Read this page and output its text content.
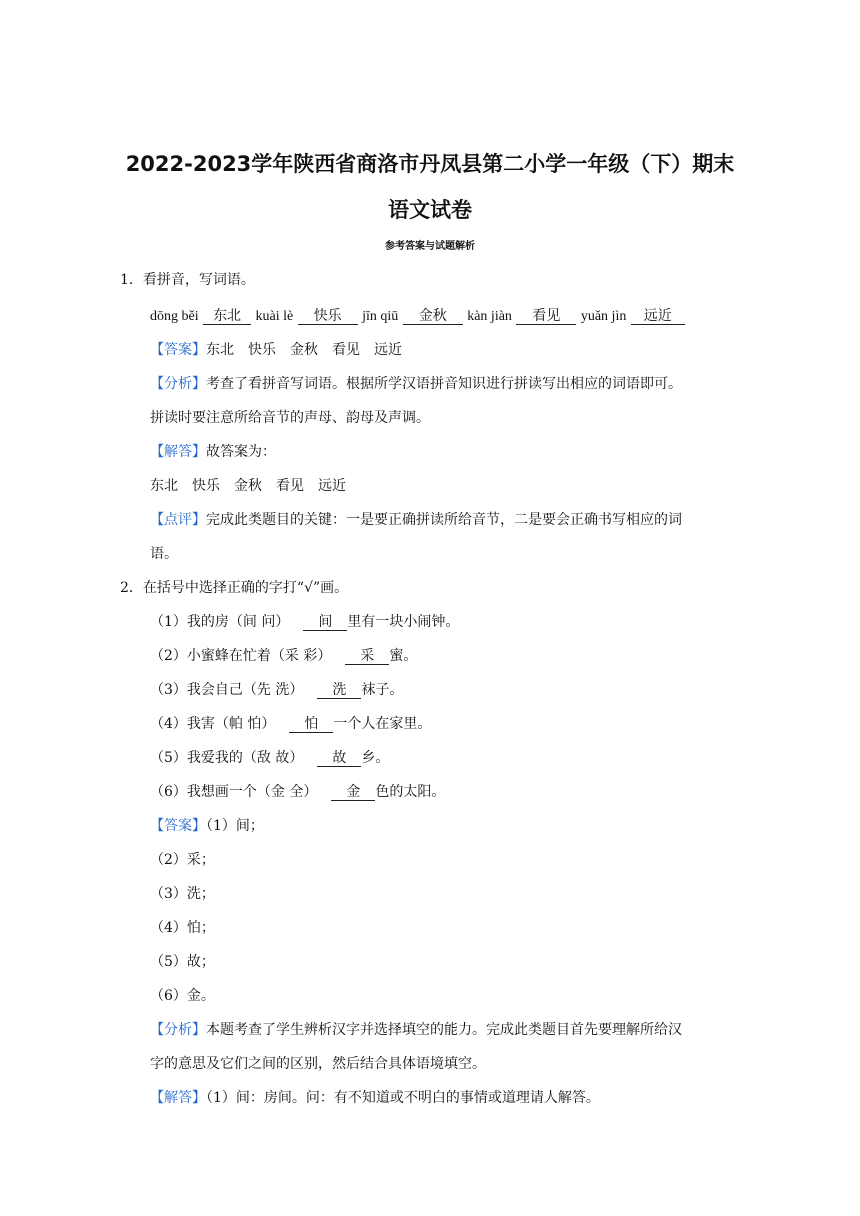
2022-2023学年陕西省商洛市丹凤县第二小学一年级（下）期末
语文试卷
参考答案与试题解析
1．看拼音，写词语。
dōng běi 东北 kuài lè 快乐 jīn qiū 金秋 kàn jiàn 看见 yuǎn jìn 远近
【答案】东北　快乐　金秋　看见　远近
【分析】考查了看拼音写词语。根据所学汉语拼音知识进行拼读写出相应的词语即可。
拼读时要注意所给音节的声母、韵母及声调。
【解答】故答案为：
东北　快乐　金秋　看见　远近
【点评】完成此类题目的关键：一是要正确拼读所给音节，二是要会正确书写相应的词
语。
2．在括号中选择正确的字打“√”画。
（1）我的房（间 问） 间 里有一块小闹钟。
（2）小蜜蜂在忙着（采 彩） 采 蜜。
（3）我会自己（先 洗） 洗 袜子。
（4）我害（帕 怕） 怕 一个人在家里。
（5）我爱我的（敌 故） 故 乡。
（6）我想画一个（金 全） 金 色的太阳。
【答案】（1）间；
（2）采；
（3）洗；
（4）怕；
（5）故；
（6）金。
【分析】本题考查了学生辨析汉字并选择填空的能力。完成此类题目首先要理解所给汉
字的意思及它们之间的区别，然后结合具体语境填空。
【解答】（1）间：房间。问：有不知道或不明白的事情或道理请人解答。
